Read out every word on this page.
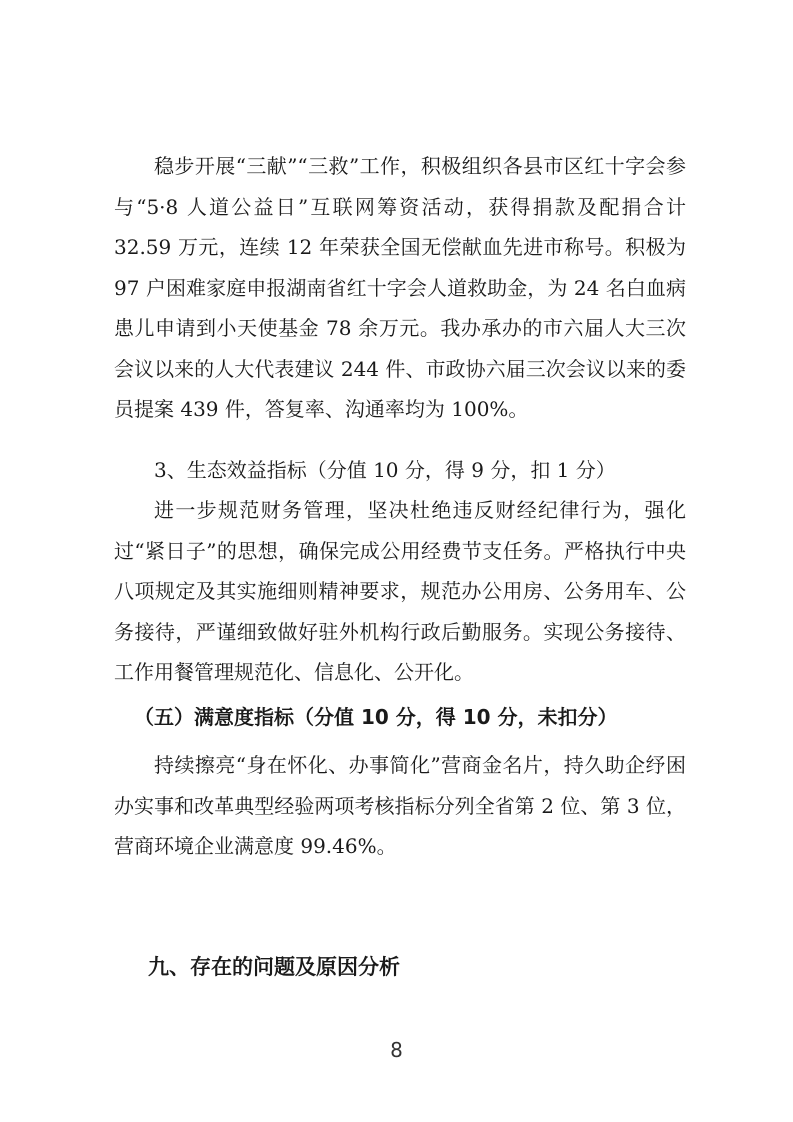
稳步开展“三献”“三救”工作，积极组织各县市区红十字会参与“5·8 人道公益日”互联网筹资活动，获得捐款及配捐合计 32.59 万元，连续 12 年荣获全国无偿献血先进市称号。积极为 97 户困难家庭申报湖南省红十字会人道救助金，为 24 名白血病患儿申请到小天使基金 78 余万元。我办承办的市六届人大三次会议以来的人大代表建议 244 件、市政协六届三次会议以来的委员提案 439 件，答复率、沟通率均为 100%。

3、生态效益指标（分值 10 分，得 9 分，扣 1 分）

进一步规范财务管理，坚决杜绝违反财经纪律行为，强化过“紧日子”的思想，确保完成公用经费节支任务。严格执行中央八项规定及其实施细则精神要求，规范办公用房、公务用车、公务接待，严谨细致做好驻外机构行政后勤服务。实现公务接待、工作用餐管理规范化、信息化、公开化。

（五）满意度指标（分值 10 分，得 10 分，未扣分）

持续擦亮“身在怀化、办事简化”营商金名片，持久助企纾困办实事和改革典型经验两项考核指标分列全省第 2 位、第 3 位，营商环境企业满意度 99.46%。

九、存在的问题及原因分析

8
